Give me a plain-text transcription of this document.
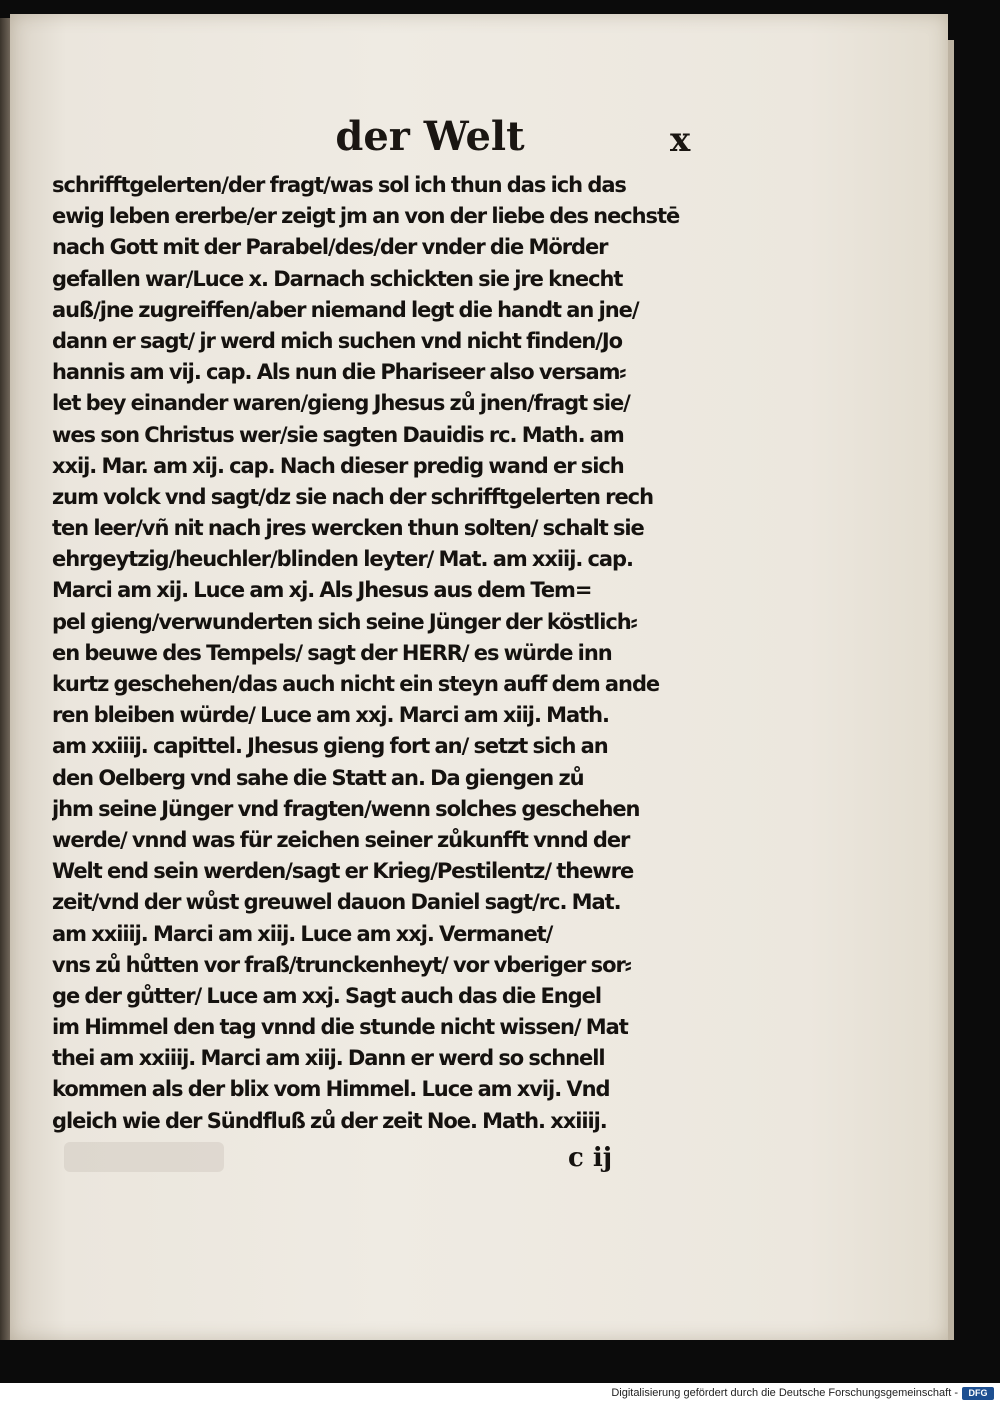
der Welt	x
schrifftgelerten/der fragt/was sol ich thun das ich das
ewig leben ererbe/er zeigt jm an von der liebe des nechstē
nach Gott mit der Parabel/des/der vnder die Mörder
gefallen war/Luce x. Darnach schickten sie jre knecht
auß/jne zugreiffen/aber niemand legt die handt an jne/
dann er sagt/ jr werd mich suchen vnd nicht finden/Jo
hannis am vij. cap. Als nun die Phariseer also versam⸗
let bey einander waren/gieng Jhesus zů jnen/fragt sie/
wes son Christus wer/sie sagten Dauidis rc. Math. am
xxij. Mar. am xij. cap. Nach dieser predig wand er sich
zum volck vnd sagt/dz sie nach der schrifftgelerten rech
ten leer/vñ nit nach jres wercken thun solten/ schalt sie
ehrgeytzig/heuchler/blinden leyter/ Mat. am xxiij. cap.
Marci am xij. Luce am xj. Als Jhesus aus dem Tem=
pel gieng/verwunderten sich seine Jünger der köstlich⸗
en beuwe des Tempels/ sagt der HERR/ es würde inn
kurtz geschehen/das auch nicht ein steyn auff dem ande
ren bleiben würde/ Luce am xxj. Marci am xiij. Math.
am xxiiij. capittel. Jhesus gieng fort an/ setzt sich an
den Oelberg vnd sahe die Statt an. Da giengen zů
jhm seine Jünger vnd fragten/wenn solches geschehen
werde/ vnnd was für zeichen seiner zůkunfft vnnd der
Welt end sein werden/sagt er Krieg/Pestilentz/ thewre
zeit/vnd der wůst greuwel dauon Daniel sagt/rc. Mat.
am xxiiij. Marci am xiij. Luce am xxj. Vermanet/
vns zů hůtten vor fraß/trunckenheyt/ vor vberiger sor⸗
ge der gůtter/ Luce am xxj. Sagt auch das die Engel
im Himmel den tag vnnd die stunde nicht wissen/ Mat
thei am xxiiij. Marci am xiij. Dann er werd so schnell
kommen als der blix vom Himmel. Luce am xvij. Vnd
gleich wie der Sündfluß zů der zeit Noe. Math. xxiiij.
c ij
Digitalisierung gefördert durch die Deutsche Forschungsgemeinschaft -	DFG
